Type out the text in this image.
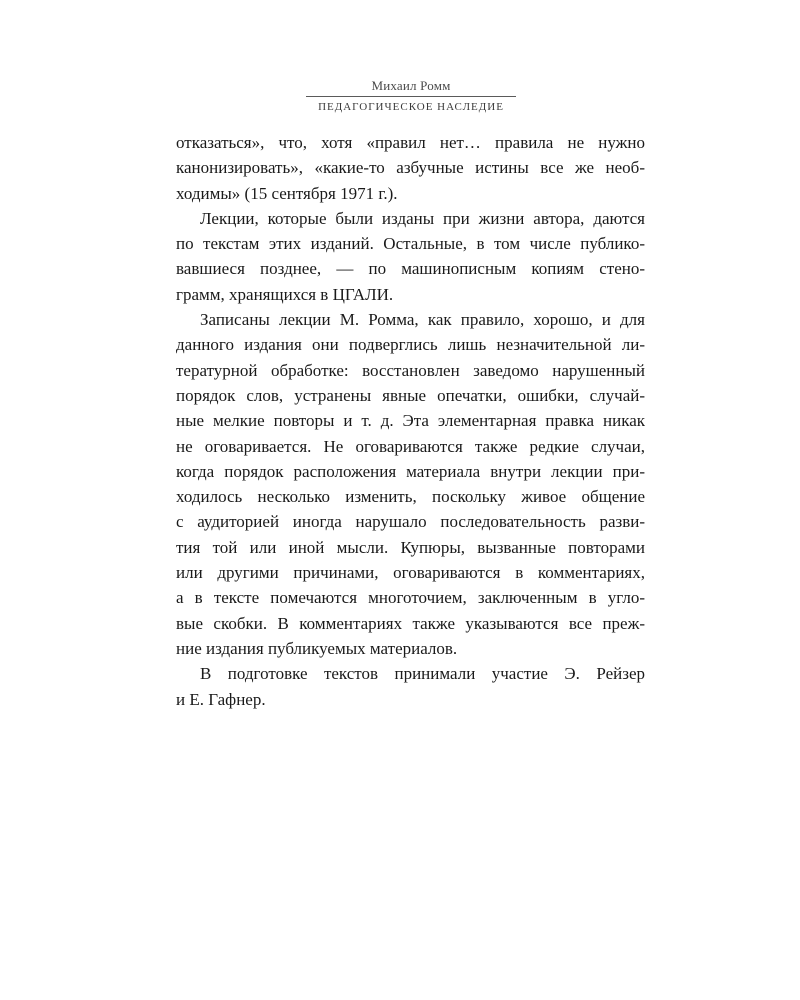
Михаил Ромм
ПЕДАГОГИЧЕСКОЕ НАСЛЕДИЕ
отказаться», что, хотя «правил нет… правила не нужно
канонизировать», «какие-то азбучные истины все же необ-
ходимы» (15 сентября 1971 г.).
Лекции, которые были изданы при жизни автора, даются
по текстам этих изданий. Остальные, в том числе публико-
вавшиеся позднее, — по машинописным копиям стено-
грамм, хранящихся в ЦГАЛИ.
Записаны лекции М. Ромма, как правило, хорошо, и для
данного издания они подверглись лишь незначительной ли-
тературной обработке: восстановлен заведомо нарушенный
порядок слов, устранены явные опечатки, ошибки, случай-
ные мелкие повторы и т. д. Эта элементарная правка никак
не оговаривается. Не оговариваются также редкие случаи,
когда порядок расположения материала внутри лекции при-
ходилось несколько изменить, поскольку живое общение
с аудиторией иногда нарушало последовательность разви-
тия той или иной мысли. Купюры, вызванные повторами
или другими причинами, оговариваются в комментариях,
а в тексте помечаются многоточием, заключенным в угло-
вые скобки. В комментариях также указываются все преж-
ние издания публикуемых материалов.
В подготовке текстов принимали участие Э. Рейзер
и Е. Гафнер.
